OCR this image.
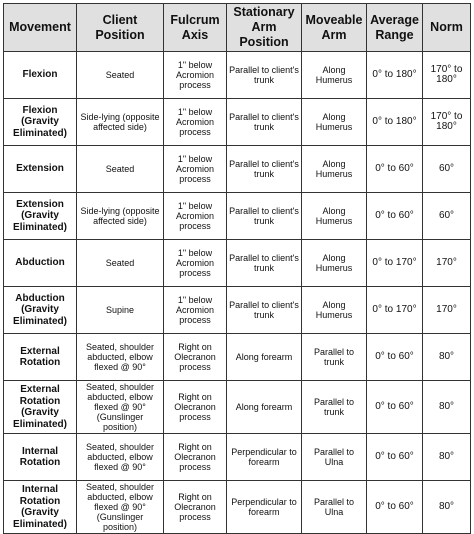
Movement	Client Position	Fulcrum Axis	Stationary Arm Position	Moveable Arm	Average Range	Norm
Flexion	Seated	1" below Acromion process	Parallel to client's trunk	Along Humerus	0° to 180°	170° to 180°
Flexion (Gravity Eliminated)	Side-lying (opposite affected side)	1" below Acromion process	Parallel to client's trunk	Along Humerus	0° to 180°	170° to 180°
Extension	Seated	1" below Acromion process	Parallel to client's trunk	Along Humerus	0° to 60°	60°
Extension (Gravity Eliminated)	Side-lying (opposite affected side)	1" below Acromion process	Parallel to client's trunk	Along Humerus	0° to 60°	60°
Abduction	Seated	1" below Acromion process	Parallel to client's trunk	Along Humerus	0° to 170°	170°
Abduction (Gravity Eliminated)	Supine	1" below Acromion process	Parallel to client's trunk	Along Humerus	0° to 170°	170°
External Rotation	Seated, shoulder abducted, elbow flexed @ 90°	Right on Olecranon process	Along forearm	Parallel to trunk	0° to 60°	80°
External Rotation (Gravity Eliminated)	Seated, shoulder abducted, elbow flexed @ 90° (Gunslinger position)	Right on Olecranon process	Along forearm	Parallel to trunk	0° to 60°	80°
Internal Rotation	Seated, shoulder abducted, elbow flexed @ 90°	Right on Olecranon process	Perpendicular to forearm	Parallel to Ulna	0° to 60°	80°
Internal Rotation (Gravity Eliminated)	Seated, shoulder abducted, elbow flexed @ 90° (Gunslinger position)	Right on Olecranon process	Perpendicular to forearm	Parallel to Ulna	0° to 60°	80°
